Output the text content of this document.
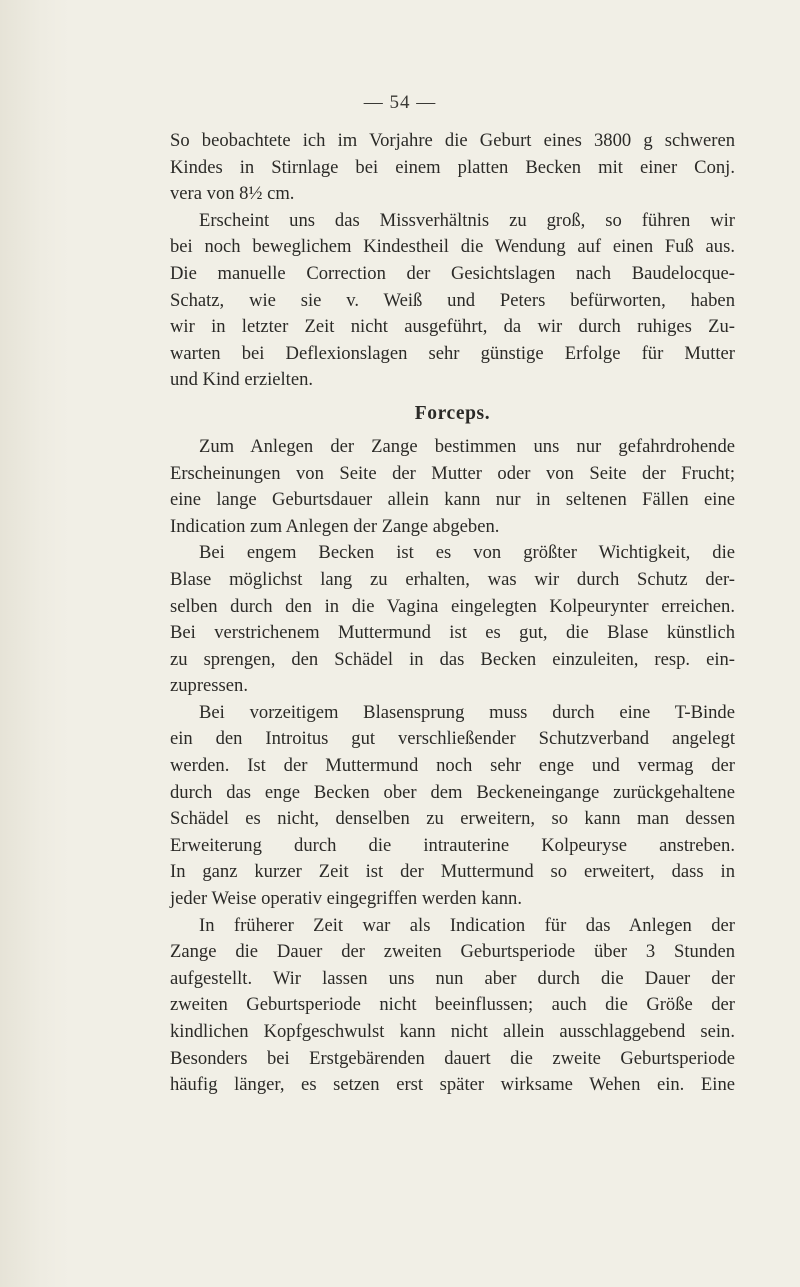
— 54 —
So beobachtete ich im Vorjahre die Geburt eines 3800 g schweren
Kindes in Stirnlage bei einem platten Becken mit einer Conj.
vera von 8½ cm.
Erscheint uns das Missverhältnis zu groß, so führen wir
bei noch beweglichem Kindestheil die Wendung auf einen Fuß aus.
Die manuelle Correction der Gesichtslagen nach Baudelocque-
Schatz, wie sie v. Weiß und Peters befürworten, haben
wir in letzter Zeit nicht ausgeführt, da wir durch ruhiges Zu-
warten bei Deflexionslagen sehr günstige Erfolge für Mutter
und Kind erzielten.
Forceps.
Zum Anlegen der Zange bestimmen uns nur gefahrdrohende
Erscheinungen von Seite der Mutter oder von Seite der Frucht;
eine lange Geburtsdauer allein kann nur in seltenen Fällen eine
Indication zum Anlegen der Zange abgeben.
Bei engem Becken ist es von größter Wichtigkeit, die
Blase möglichst lang zu erhalten, was wir durch Schutz der-
selben durch den in die Vagina eingelegten Kolpeurynter erreichen.
Bei verstrichenem Muttermund ist es gut, die Blase künstlich
zu sprengen, den Schädel in das Becken einzuleiten, resp. ein-
zupressen.
Bei vorzeitigem Blasensprung muss durch eine T-Binde
ein den Introitus gut verschließender Schutzverband angelegt
werden. Ist der Muttermund noch sehr enge und vermag der
durch das enge Becken ober dem Beckeneingange zurückgehaltene
Schädel es nicht, denselben zu erweitern, so kann man dessen
Erweiterung durch die intrauterine Kolpeuryse anstreben.
In ganz kurzer Zeit ist der Muttermund so erweitert, dass in
jeder Weise operativ eingegriffen werden kann.
In früherer Zeit war als Indication für das Anlegen der
Zange die Dauer der zweiten Geburtsperiode über 3 Stunden
aufgestellt. Wir lassen uns nun aber durch die Dauer der
zweiten Geburtsperiode nicht beeinflussen; auch die Größe der
kindlichen Kopfgeschwulst kann nicht allein ausschlaggebend sein.
Besonders bei Erstgebärenden dauert die zweite Geburtsperiode
häufig länger, es setzen erst später wirksame Wehen ein. Eine
